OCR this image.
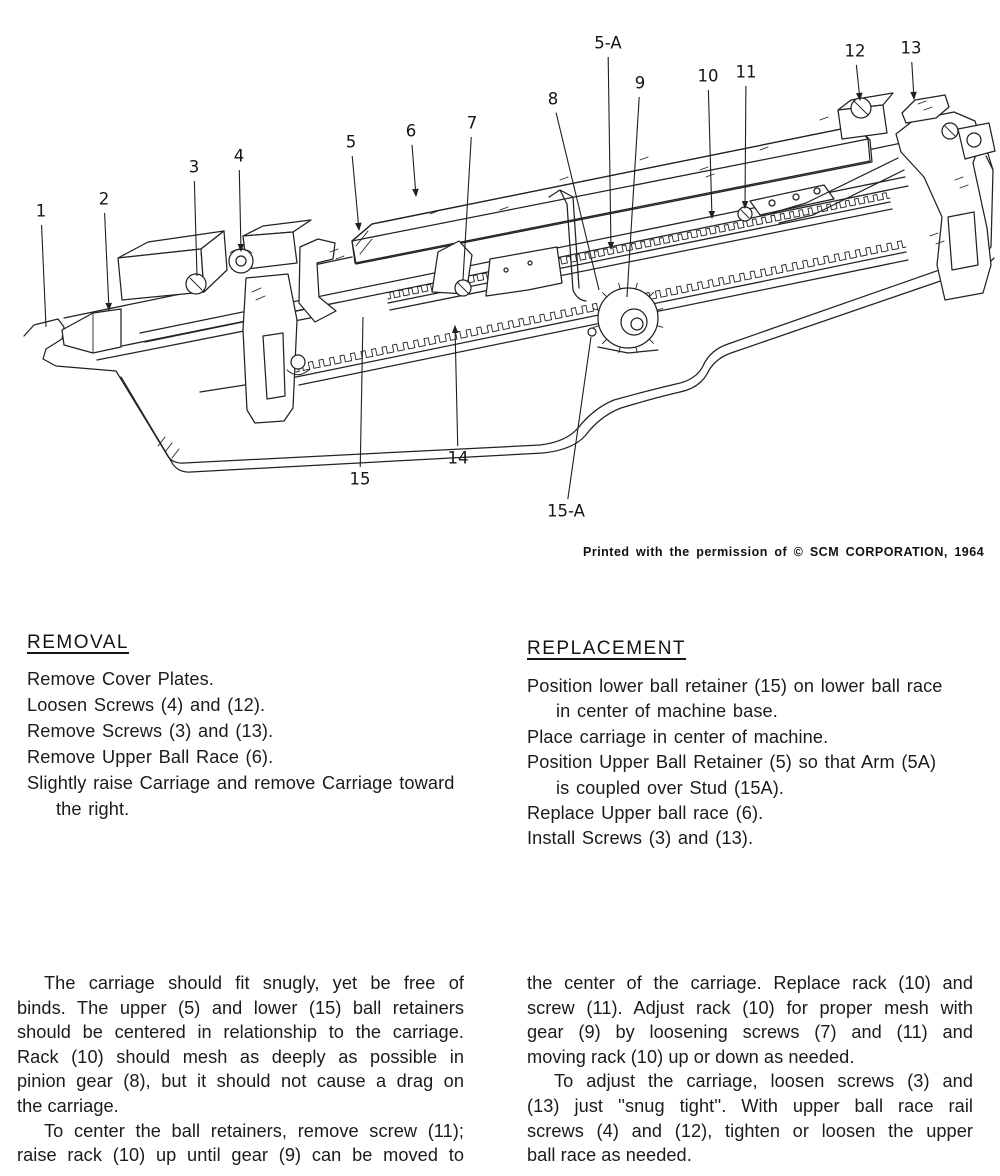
1
2
3
4
5
6	7
8
5-A
9	10 11
12 13
14
15
15-A
Printed with the permission of © SCM CORPORATION, 1964
REMOVAL
Remove Cover Plates.
Loosen Screws (4) and (12).
Remove Screws (3) and (13).
Remove Upper Ball Race (6).
Slightly raise Carriage and remove Carriage toward
the right.
REPLACEMENT
Position lower ball retainer (15) on lower ball race
in center of machine base.
Place carriage in center of machine.
Position Upper Ball Retainer (5) so that Arm (5A)
is coupled over Stud (15A).
Replace Upper ball race (6).
Install Screws (3) and (13).
The carriage should fit snugly, yet be free of
binds. The upper (5) and lower (15) ball retainers
should be centered in relationship to the carriage.
Rack (10) should mesh as deeply as possible in
pinion gear (8), but it should not cause a drag on
the carriage.
To center the ball retainers, remove screw (11);
raise rack (10) up until gear (9) can be moved to
the center of the carriage. Replace rack (10) and
screw (11). Adjust rack (10) for proper mesh with
gear (9) by loosening screws (7) and (11) and
moving rack (10) up or down as needed.
To adjust the carriage, loosen screws (3) and
(13) just ''snug tight''. With upper ball race rail
screws (4) and (12), tighten or loosen the upper
ball race as needed.
